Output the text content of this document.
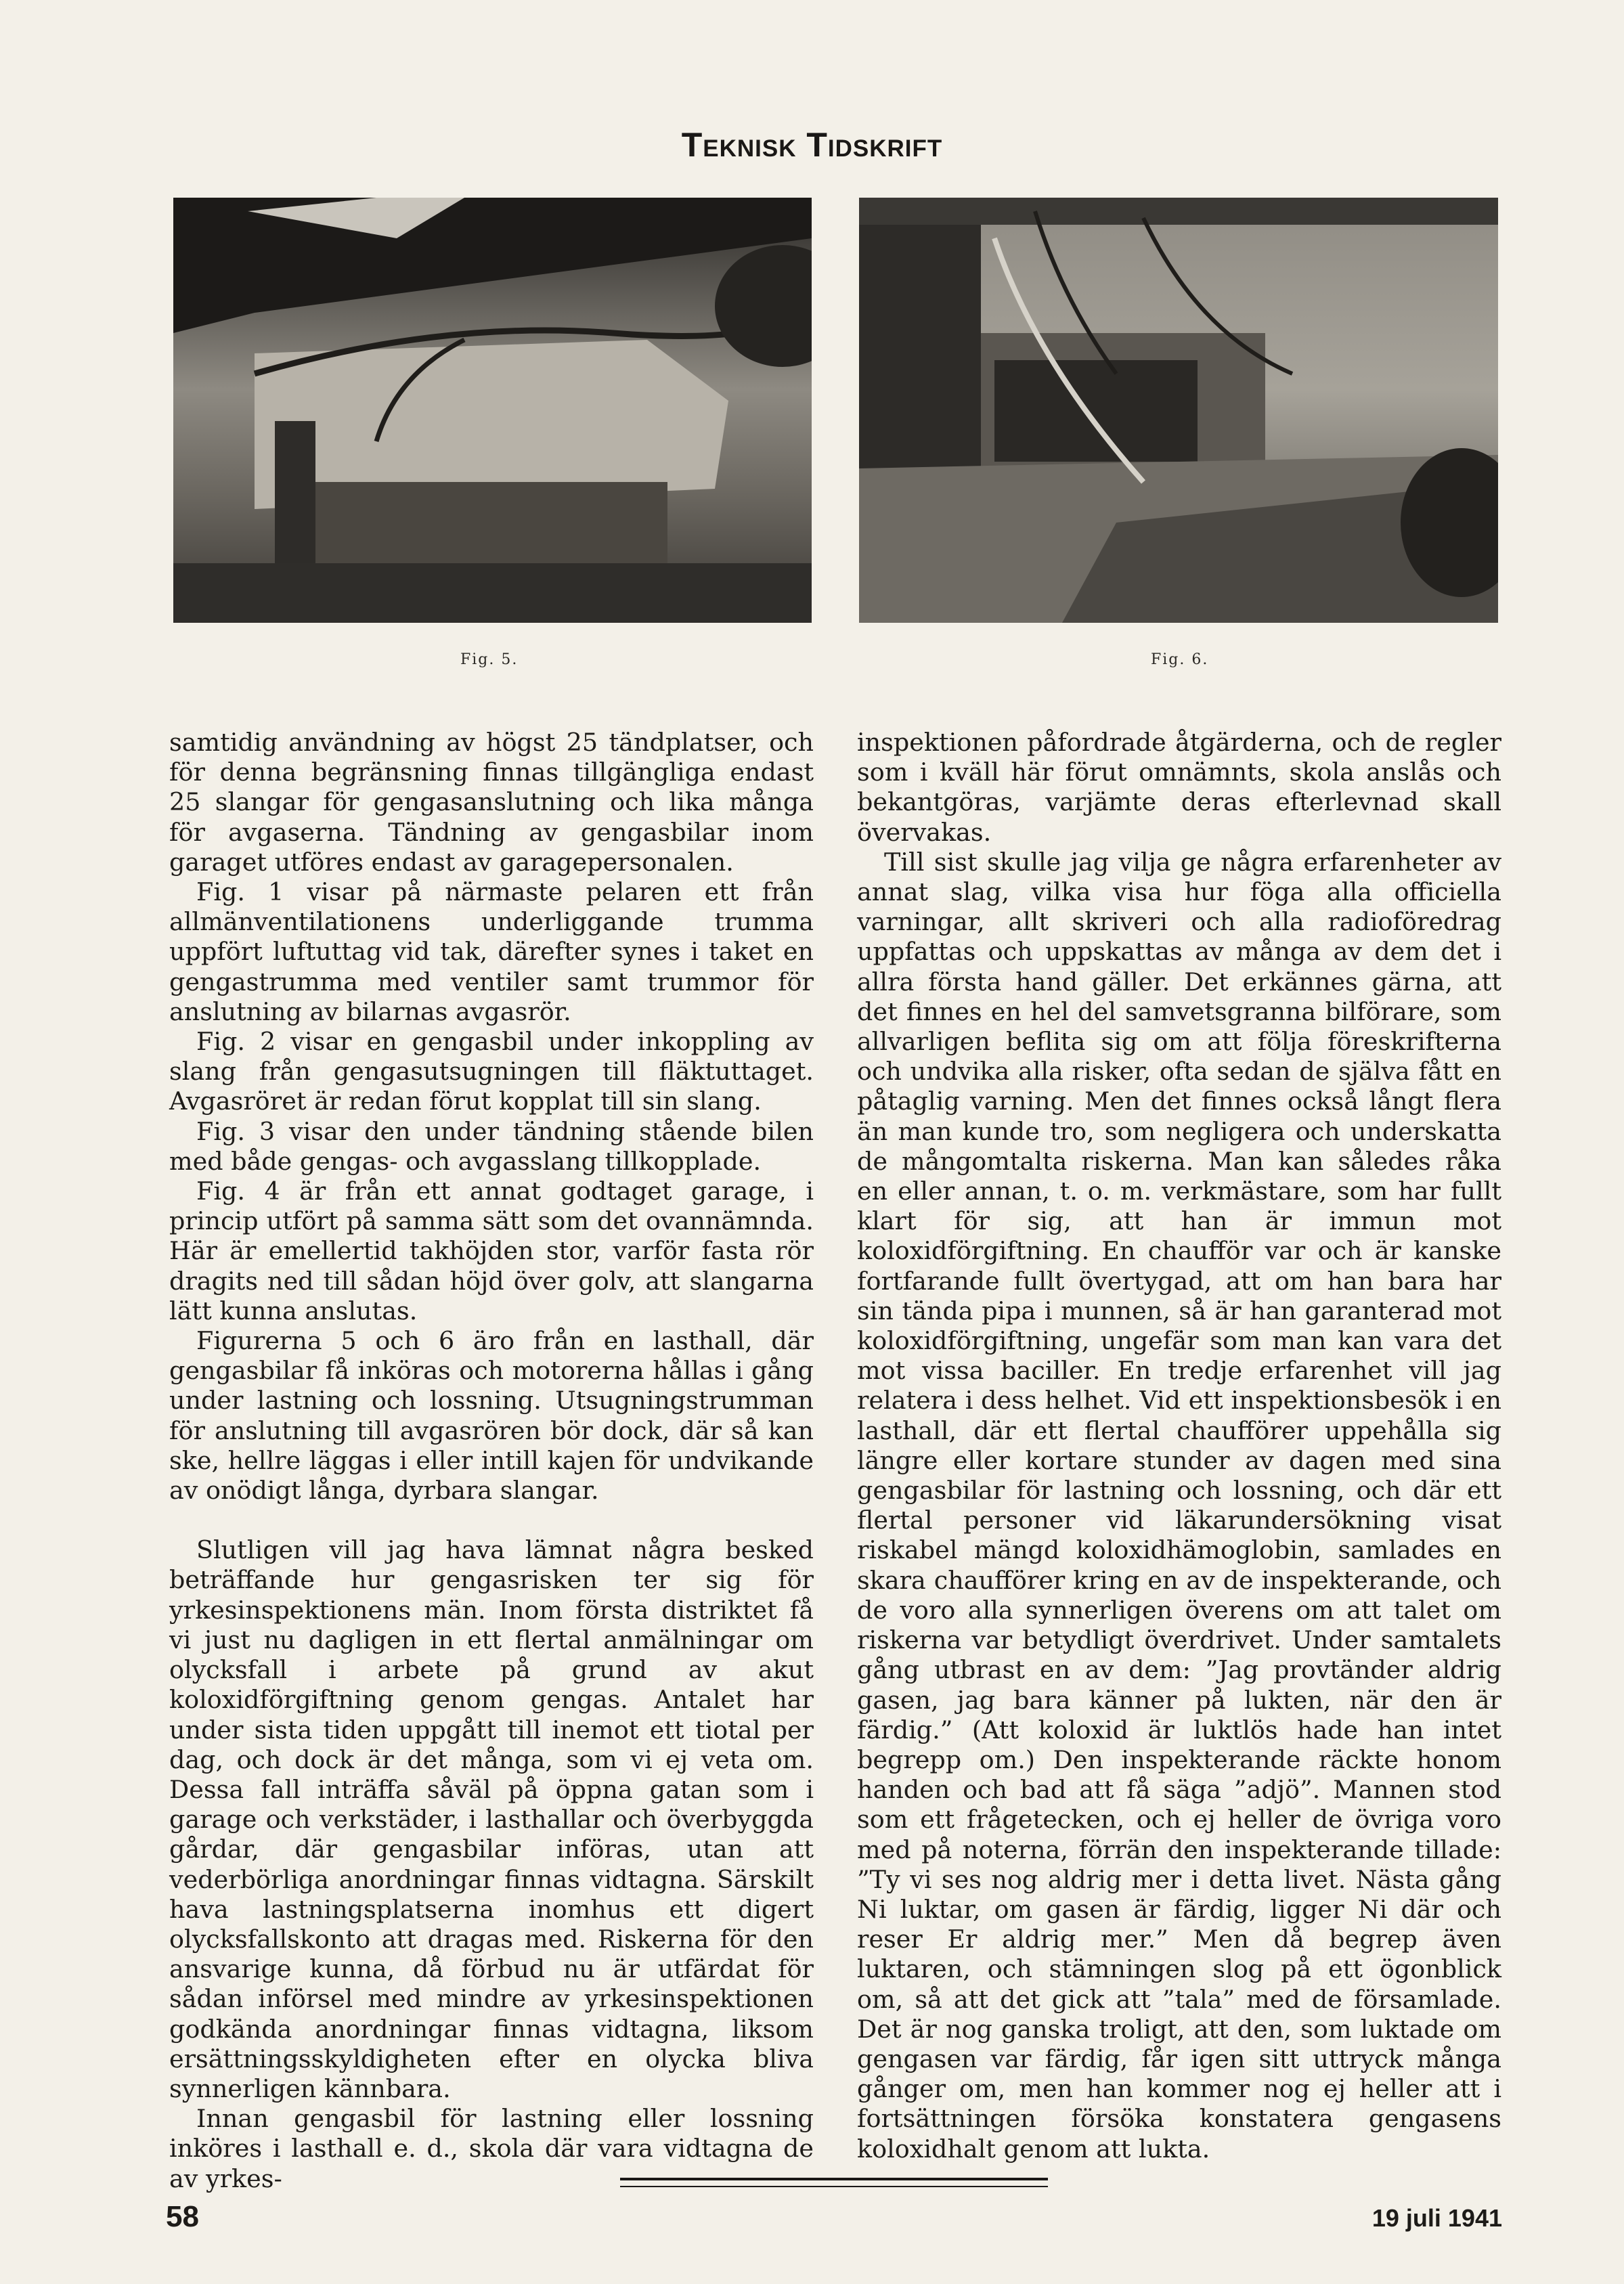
Teknisk Tidskrift
Fig. 5.	Fig. 6.

samtidig användning av högst 25 tändplatser, och för denna begränsning finnas tillgängliga endast 25 slangar för gengasanslutning och lika många för avgaserna. Tändning av gengasbilar inom garaget utföres endast av garagepersonalen.

Fig. 1 visar på närmaste pelaren ett från allmänventilationens underliggande trumma uppfört luftuttag vid tak, därefter synes i taket en gengastrumma med ventiler samt trummor för anslutning av bilarnas avgasrör.

Fig. 2 visar en gengasbil under inkoppling av slang från gengasutsugningen till fläktuttaget. Avgasröret är redan förut kopplat till sin slang.

Fig. 3 visar den under tändning stående bilen med både gengas- och avgasslang tillkopplade.

Fig. 4 är från ett annat godtaget garage, i princip utfört på samma sätt som det ovannämnda. Här är emellertid takhöjden stor, varför fasta rör dragits ned till sådan höjd över golv, att slangarna lätt kunna anslutas.

Figurerna 5 och 6 äro från en lasthall, där gengasbilar få inköras och motorerna hållas i gång under lastning och lossning. Utsugningstrumman för anslutning till avgasrören bör dock, där så kan ske, hellre läggas i eller intill kajen för undvikande av onödigt långa, dyrbara slangar.

Slutligen vill jag hava lämnat några besked beträffande hur gengasrisken ter sig för yrkesinspektionens män. Inom första distriktet få vi just nu dagligen in ett flertal anmälningar om olycksfall i arbete på grund av akut koloxidförgiftning genom gengas. Antalet har under sista tiden uppgått till inemot ett tiotal per dag, och dock är det många, som vi ej veta om. Dessa fall inträffa såväl på öppna gatan som i garage och verkstäder, i lasthallar och överbyggda gårdar, där gengasbilar införas, utan att vederbörliga anordningar finnas vidtagna. Särskilt hava lastningsplatserna inomhus ett digert olycksfallskonto att dragas med. Riskerna för den ansvarige kunna, då förbud nu är utfärdat för sådan införsel med mindre av yrkesinspektionen godkända anordningar finnas vidtagna, liksom ersättningsskyldigheten efter en olycka bliva synnerligen kännbara.

Innan gengasbil för lastning eller lossning inköres i lasthall e. d., skola där vara vidtagna de av yrkes-

inspektionen påfordrade åtgärderna, och de regler som i kväll här förut omnämnts, skola anslås och bekantgöras, varjämte deras efterlevnad skall övervakas.

Till sist skulle jag vilja ge några erfarenheter av annat slag, vilka visa hur föga alla officiella varningar, allt skriveri och alla radioföredrag uppfattas och uppskattas av många av dem det i allra första hand gäller. Det erkännes gärna, att det finnes en hel del samvetsgranna bilförare, som allvarligen beflita sig om att följa föreskrifterna och undvika alla risker, ofta sedan de själva fått en påtaglig varning. Men det finnes också långt flera än man kunde tro, som negligera och underskatta de mångomtalta riskerna. Man kan således råka en eller annan, t. o. m. verkmästare, som har fullt klart för sig, att han är immun mot koloxidförgiftning. En chaufför var och är kanske fortfarande fullt övertygad, att om han bara har sin tända pipa i munnen, så är han garanterad mot koloxidförgiftning, ungefär som man kan vara det mot vissa baciller. En tredje erfarenhet vill jag relatera i dess helhet. Vid ett inspektionsbesök i en lasthall, där ett flertal chaufförer uppehålla sig längre eller kortare stunder av dagen med sina gengasbilar för lastning och lossning, och där ett flertal personer vid läkarundersökning visat riskabel mängd koloxidhämoglobin, samlades en skara chaufförer kring en av de inspekterande, och de voro alla synnerligen överens om att talet om riskerna var betydligt överdrivet. Under samtalets gång utbrast en av dem: ”Jag provtänder aldrig gasen, jag bara känner på lukten, när den är färdig.” (Att koloxid är luktlös hade han intet begrepp om.) Den inspekterande räckte honom handen och bad att få säga ”adjö”. Mannen stod som ett frågetecken, och ej heller de övriga voro med på noterna, förrän den inspekterande tillade: ”Ty vi ses nog aldrig mer i detta livet. Nästa gång Ni luktar, om gasen är färdig, ligger Ni där och reser Er aldrig mer.” Men då begrep även luktaren, och stämningen slog på ett ögonblick om, så att det gick att ”tala” med de församlade. Det är nog ganska troligt, att den, som luktade om gengasen var färdig, får igen sitt uttryck många gånger om, men han kommer nog ej heller att i fortsättningen försöka konstatera gengasens koloxidhalt genom att lukta.

58	19 juli 1941
